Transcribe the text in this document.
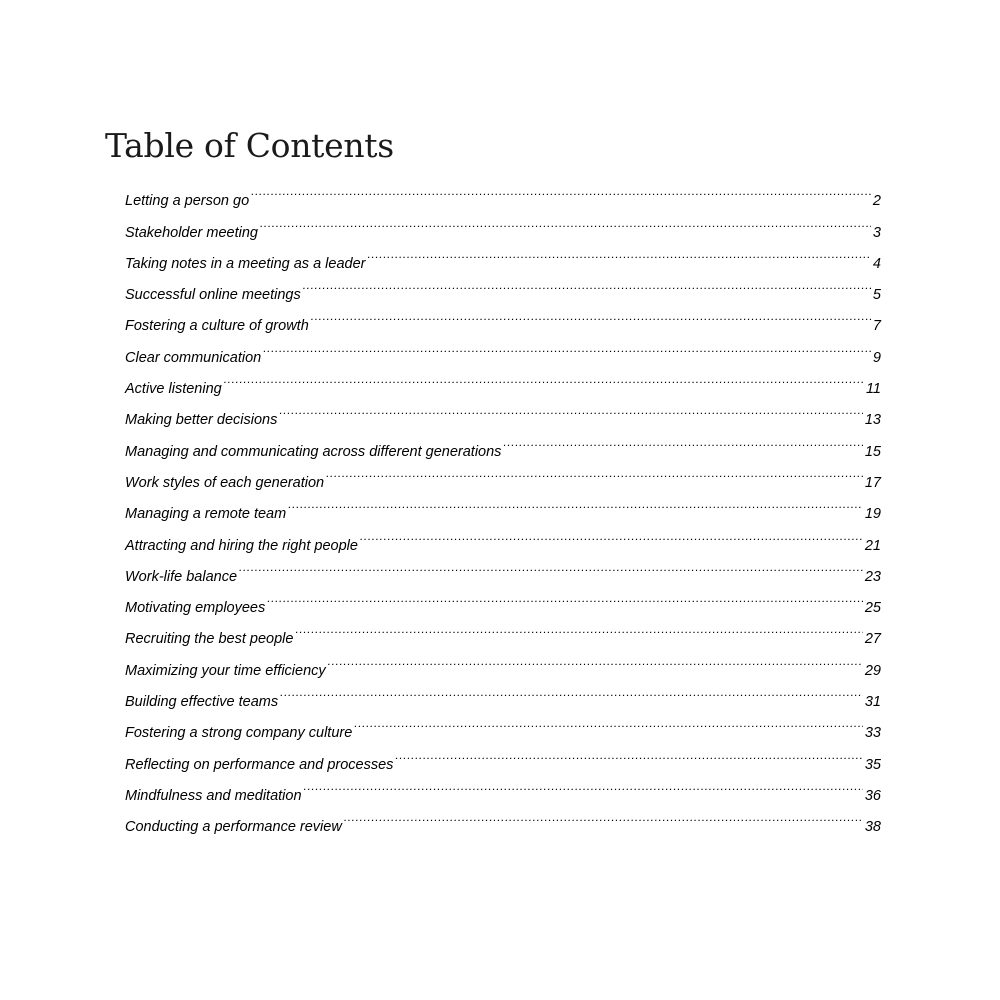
Table of Contents
Letting a person go .....	2
Stakeholder meeting .....	3
Taking notes in a meeting as a leader .....	4
Successful online meetings .....	5
Fostering a culture of growth .....	7
Clear communication .....	9
Active listening .....	11
Making better decisions .....	13
Managing and communicating across different generations .....	15
Work styles of each generation .....	17
Managing a remote team .....	19
Attracting and hiring the right people .....	21
Work-life balance .....	23
Motivating employees .....	25
Recruiting the best people .....	27
Maximizing your time efficiency .....	29
Building effective teams .....	31
Fostering a strong company culture .....	33
Reflecting on performance and processes .....	35
Mindfulness and meditation .....	36
Conducting a performance review .....	38
